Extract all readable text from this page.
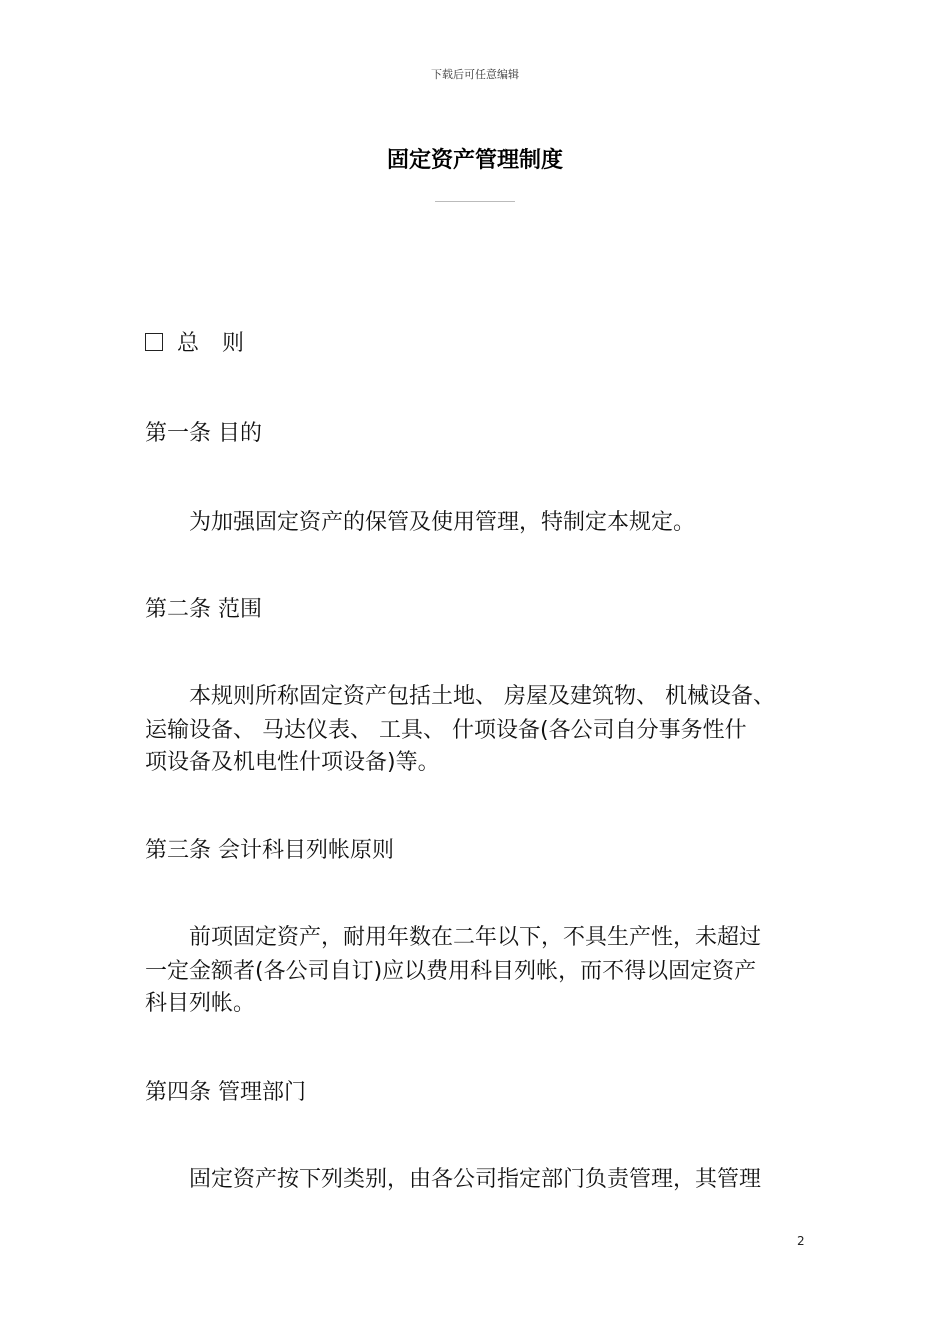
下载后可任意编辑
固定资产管理制度
总 则
第一条 目的
　　为加强固定资产的保管及使用管理，特制定本规定。
第二条 范围
　　本规则所称固定资产包括土地、 房屋及建筑物、 机械设备、
运输设备、 马达仪表、 工具、 什项设备(各公司自分事务性什
项设备及机电性什项设备)等。
第三条 会计科目列帐原则
　　前项固定资产，耐用年数在二年以下，不具生产性，未超过
一定金额者(各公司自订)应以费用科目列帐，而不得以固定资产
科目列帐。
第四条 管理部门
　　固定资产按下列类别，由各公司指定部门负责管理，其管理
2
